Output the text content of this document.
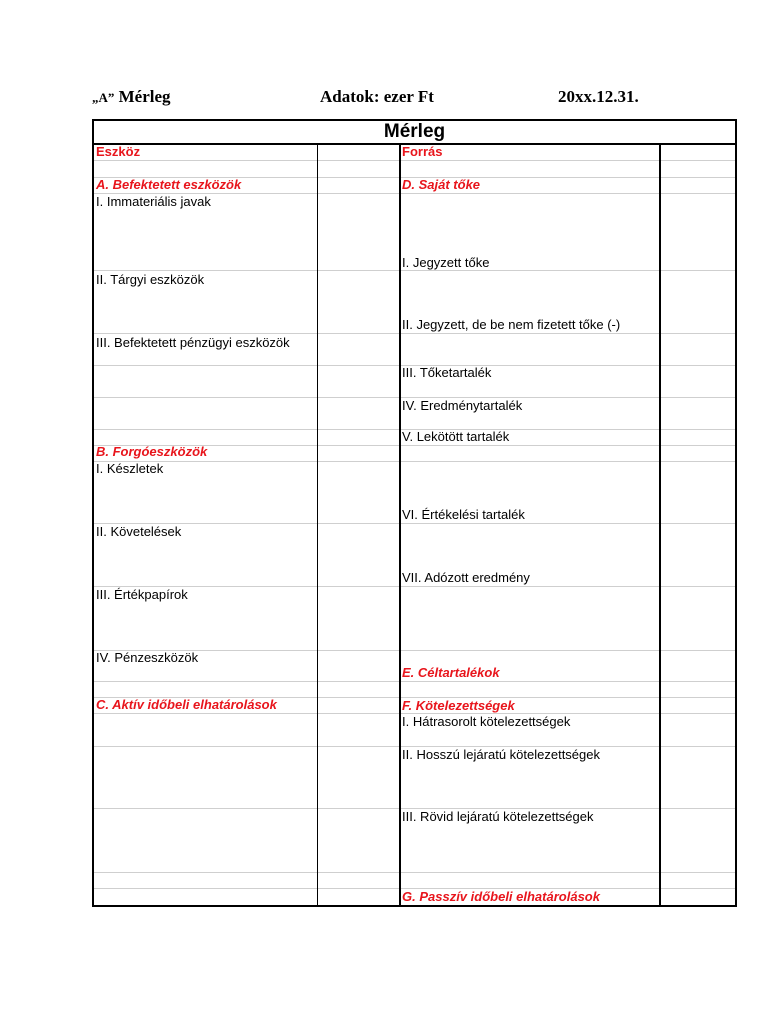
„A” Mérleg	Adatok: ezer Ft	20xx.12.31.
Mérleg
Eszköz
A. Befektetett eszközök
I. Immateriális javak
II. Tárgyi eszközök
III. Befektetett pénzügyi eszközök
B. Forgóeszközök
I. Készletek
II. Követelések
III. Értékpapírok
IV. Pénzeszközök
C. Aktív időbeli elhatárolások
Forrás
D. Saját tőke
I. Jegyzett tőke
II. Jegyzett, de be nem fizetett tőke (-)
III. Tőketartalék
IV. Eredménytartalék
V. Lekötött tartalék
VI. Értékelési tartalék
VII. Adózott eredmény
E. Céltartalékok
F. Kötelezettségek
I. Hátrasorolt kötelezettségek
II. Hosszú lejáratú kötelezettségek
III. Rövid lejáratú kötelezettségek
G. Passzív időbeli elhatárolások
